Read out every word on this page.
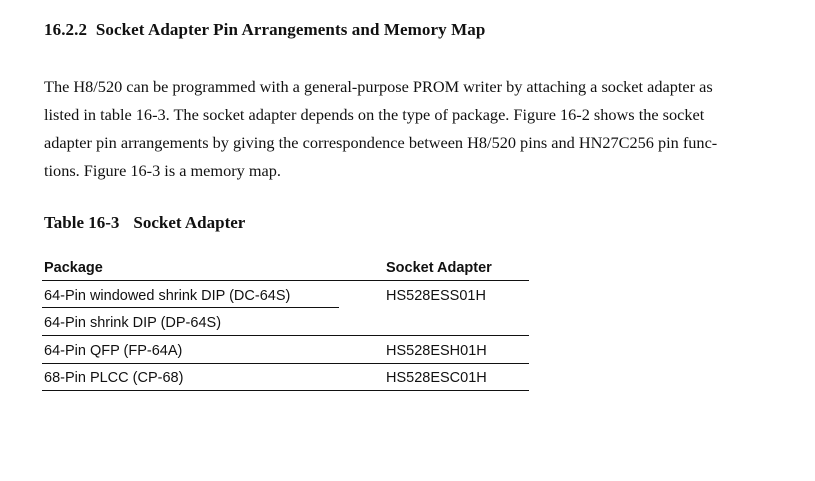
16.2.2 Socket Adapter Pin Arrangements and Memory Map
The H8/520 can be programmed with a general-purpose PROM writer by attaching a socket adapter as
listed in table 16-3. The socket adapter depends on the type of package. Figure 16-2 shows the socket
adapter pin arrangements by giving the correspondence between H8/520 pins and HN27C256 pin func-
tions. Figure 16-3 is a memory map.
Table 16-3 Socket Adapter
Package	Socket Adapter
64-Pin windowed shrink DIP (DC-64S)	HS528ESS01H
64-Pin shrink DIP (DP-64S)
64-Pin QFP (FP-64A)	HS528ESH01H
68-Pin PLCC (CP-68)	HS528ESC01H
